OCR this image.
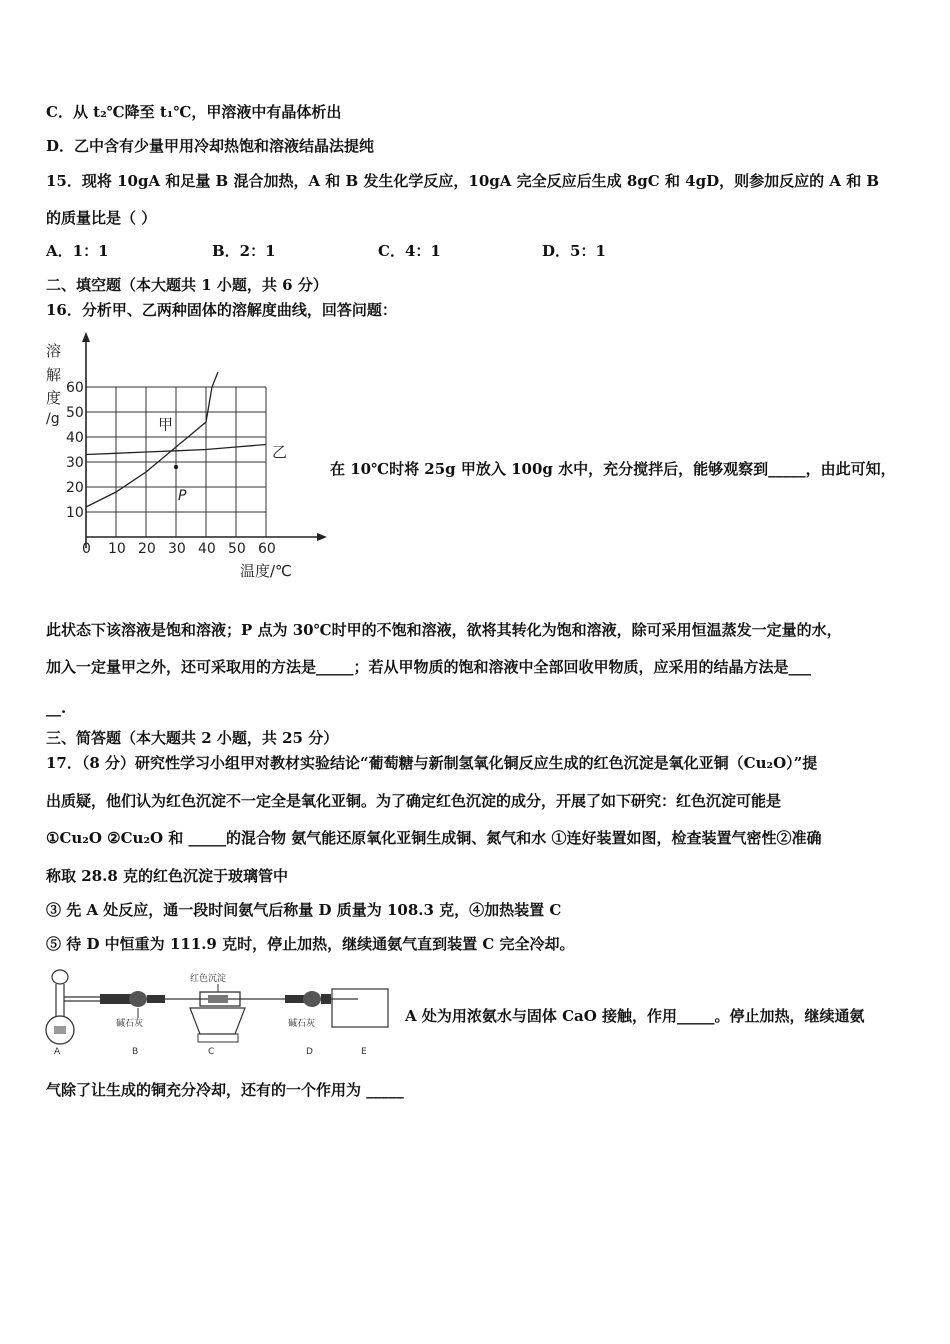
C．从 t₂℃降至 t₁℃，甲溶液中有晶体析出
D．乙中含有少量甲用冷却热饱和溶液结晶法提纯
15．现将 10gA 和足量 B 混合加热，A 和 B 发生化学反应，10gA 完全反应后生成 8gC 和 4gD，则参加反应的 A 和 B
的质量比是（ ）
A．1：1	B．2：1	C．4：1	D．5：1
二、填空题（本大题共 1 小题，共 6 分）
16．分析甲、乙两种固体的溶解度曲线，回答问题：
溶
解
度
/g
0 10 20 30 40 50 60
10
20
30
40
50
60
甲
乙
P
温度/℃
在 10℃时将 25g 甲放入 100g 水中，充分搅拌后，能够观察到_____，由此可知，
此状态下该溶液是饱和溶液；P 点为 30℃时甲的不饱和溶液，欲将其转化为饱和溶液，除可采用恒温蒸发一定量的水，
加入一定量甲之外，还可采取用的方法是_____；若从甲物质的饱和溶液中全部回收甲物质，应采用的结晶方法是___
__.
三、简答题（本大题共 2 小题，共 25 分）
17．（8 分）研究性学习小组甲对教材实验结论“葡萄糖与新制氢氧化铜反应生成的红色沉淀是氧化亚铜（Cu₂O）”提
出质疑，他们认为红色沉淀不一定全是氧化亚铜。为了确定红色沉淀的成分，开展了如下研究：红色沉淀可能是
①Cu₂O ②Cu₂O 和 _____的混合物 氨气能还原氧化亚铜生成铜、氮气和水 ①连好装置如图，检查装置气密性②准确
称取 28.8 克的红色沉淀于玻璃管中
③ 先 A 处反应，通一段时间氨气后称量 D 质量为 108.3 克，④加热装置 C
⑤ 待 D 中恒重为 111.9 克时，停止加热，继续通氨气直到装置 C 完全冷却。
碱石灰
红色沉淀
碱石灰
A	B	C	D	E
A 处为用浓氨水与固体 CaO 接触，作用_____。停止加热，继续通氨
气除了让生成的铜充分冷却，还有的一个作用为 _____
